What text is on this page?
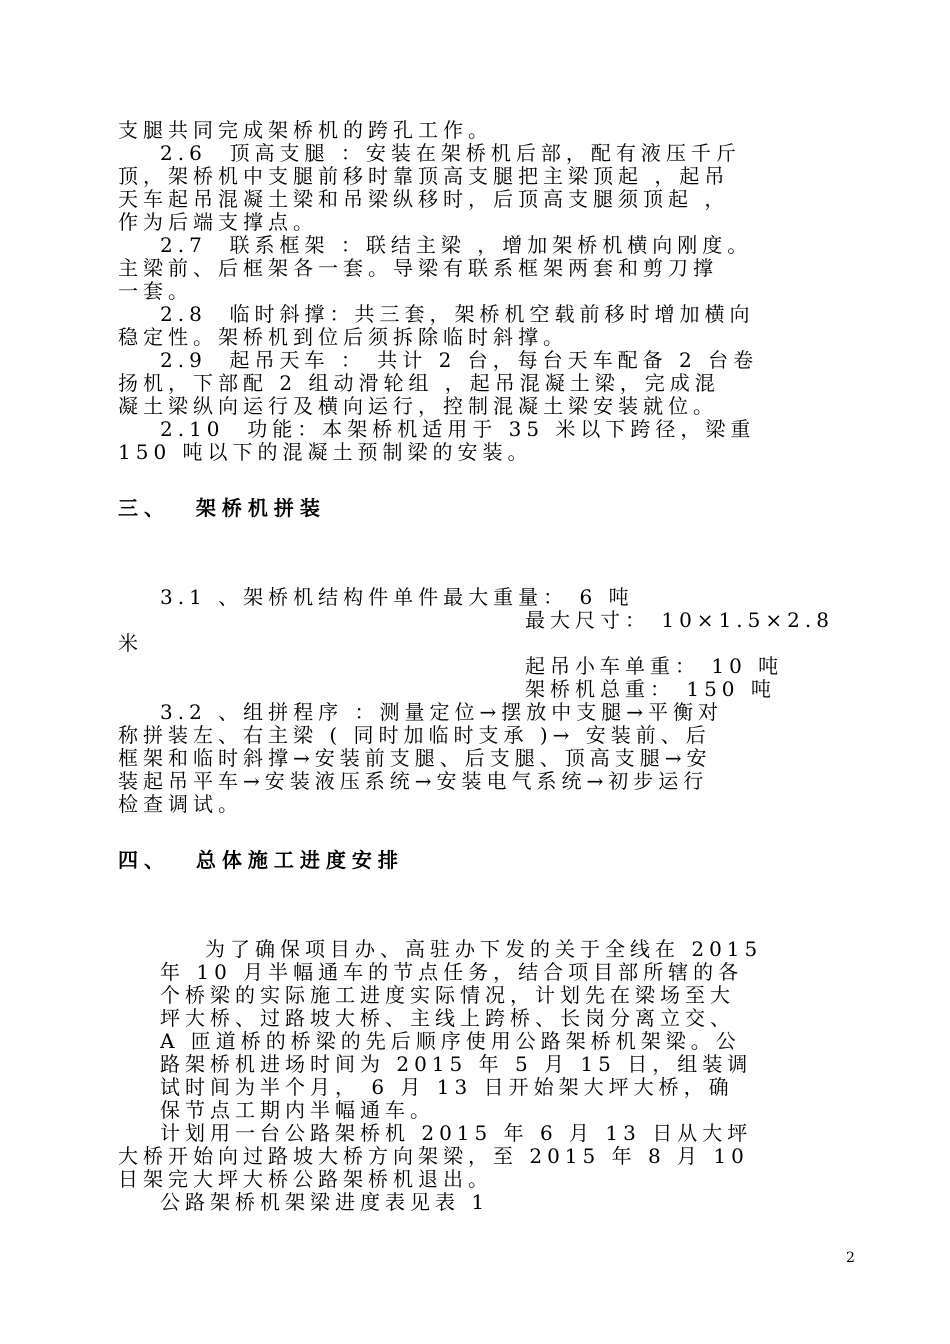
支腿共同完成架桥机的跨孔工作。
2.6  顶高支腿 ：安装在架桥机后部，配有液压千斤
顶，架桥机中支腿前移时靠顶高支腿把主梁顶起 ，起吊
天车起吊混凝土梁和吊梁纵移时，后顶高支腿须顶起 ，
作为后端支撑点。
2.7  联系框架 ：联结主梁 ，增加架桥机横向刚度。
主梁前、后框架各一套。导梁有联系框架两套和剪刀撑
一套。
2.8  临时斜撑：共三套，架桥机空载前移时增加横向
稳定性。架桥机到位后须拆除临时斜撑。
2.9  起吊天车 ： 共计 2 台，每台天车配备 2 台卷
扬机，下部配 2 组动滑轮组 ，起吊混凝土梁，完成混
凝土梁纵向运行及横向运行，控制混凝土梁安装就位。
2.10  功能：本架桥机适用于 35 米以下跨径，梁重
150 吨以下的混凝土预制梁的安装。
三、  架桥机拼装
3.1 、架桥机结构件单件最大重量： 6 吨
最大尺寸： 10×1.5×2.8
米
起吊小车单重： 10 吨
架桥机总重： 150 吨
3.2 、组拼程序 ：测量定位→摆放中支腿→平衡对
称拼装左、右主梁 ( 同时加临时支承 )→ 安装前、后
框架和临时斜撑→安装前支腿、后支腿、顶高支腿→安
装起吊平车→安装液压系统→安装电气系统→初步运行
检查调试。
四、  总体施工进度安排
为了确保项目办、高驻办下发的关于全线在 2015
年 10 月半幅通车的节点任务，结合项目部所辖的各
个桥梁的实际施工进度实际情况，计划先在梁场至大
坪大桥、过路坡大桥、主线上跨桥、长岗分离立交、
A 匝道桥的桥梁的先后顺序使用公路架桥机架梁。公
路架桥机进场时间为 2015 年 5 月 15 日，组装调
试时间为半个月， 6 月 13 日开始架大坪大桥，确
保节点工期内半幅通车。
计划用一台公路架桥机 2015 年 6 月 13 日从大坪
大桥开始向过路坡大桥方向架梁，至 2015 年 8 月 10
日架完大坪大桥公路架桥机退出。
公路架桥机架梁进度表见表 1
2
